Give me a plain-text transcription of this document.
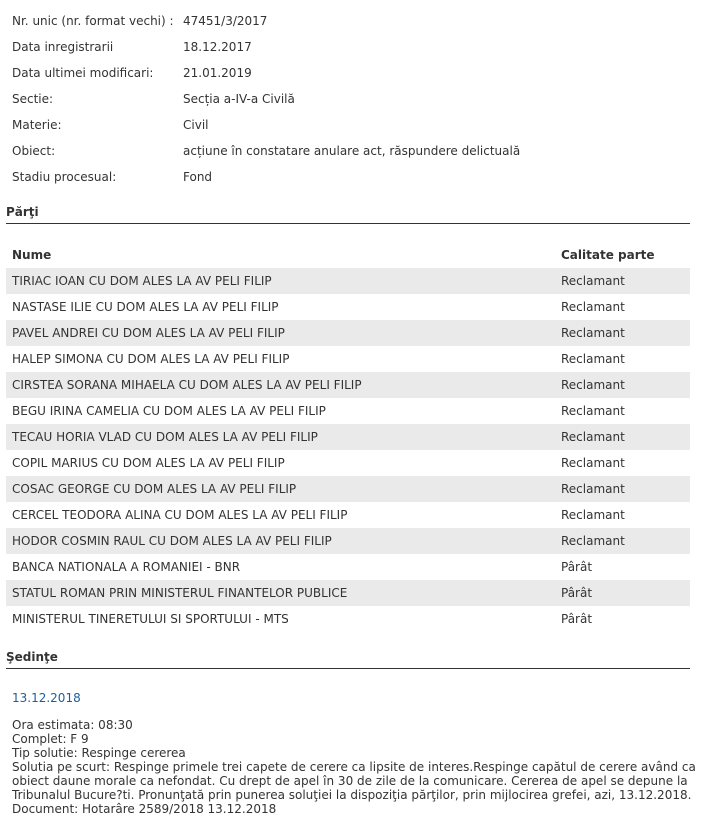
Nr. unic (nr. format vechi) : 47451/3/2017
Data inregistrarii	18.12.2017
Data ultimei modificari:	21.01.2019
Sectie:	Secția a-IV-a Civilă
Materie:	Civil
Obiect:	acțiune în constatare anulare act, răspundere delictuală
Stadiu procesual:	Fond
Părţi
Nume	Calitate parte
TIRIAC IOAN CU DOM ALES LA AV PELI FILIP	Reclamant
NASTASE ILIE CU DOM ALES LA AV PELI FILIP	Reclamant
PAVEL ANDREI CU DOM ALES LA AV PELI FILIP	Reclamant
HALEP SIMONA CU DOM ALES LA AV PELI FILIP	Reclamant
CIRSTEA SORANA MIHAELA CU DOM ALES LA AV PELI FILIP	Reclamant
BEGU IRINA CAMELIA CU DOM ALES LA AV PELI FILIP	Reclamant
TECAU HORIA VLAD CU DOM ALES LA AV PELI FILIP	Reclamant
COPIL MARIUS CU DOM ALES LA AV PELI FILIP	Reclamant
COSAC GEORGE CU DOM ALES LA AV PELI FILIP	Reclamant
CERCEL TEODORA ALINA CU DOM ALES LA AV PELI FILIP	Reclamant
HODOR COSMIN RAUL CU DOM ALES LA AV PELI FILIP	Reclamant
BANCA NATIONALA A ROMANIEI - BNR	Pârât
STATUL ROMAN PRIN MINISTERUL FINANTELOR PUBLICE	Pârât
MINISTERUL TINERETULUI SI SPORTULUI - MTS	Pârât
Şedinţe
13.12.2018
Ora estimata: 08:30
Complet: F 9
Tip solutie: Respinge cererea
Solutia pe scurt: Respinge primele trei capete de cerere ca lipsite de interes.Respinge capătul de cerere având ca obiect daune morale ca nefondat. Cu drept de apel în 30 de zile de la comunicare. Cererea de apel se depune la Tribunalul Bucure?ti. Pronunţată prin punerea soluţiei la dispoziţia părţilor, prin mijlocirea grefei, azi, 13.12.2018.
Document: Hotarâre 2589/2018 13.12.2018
